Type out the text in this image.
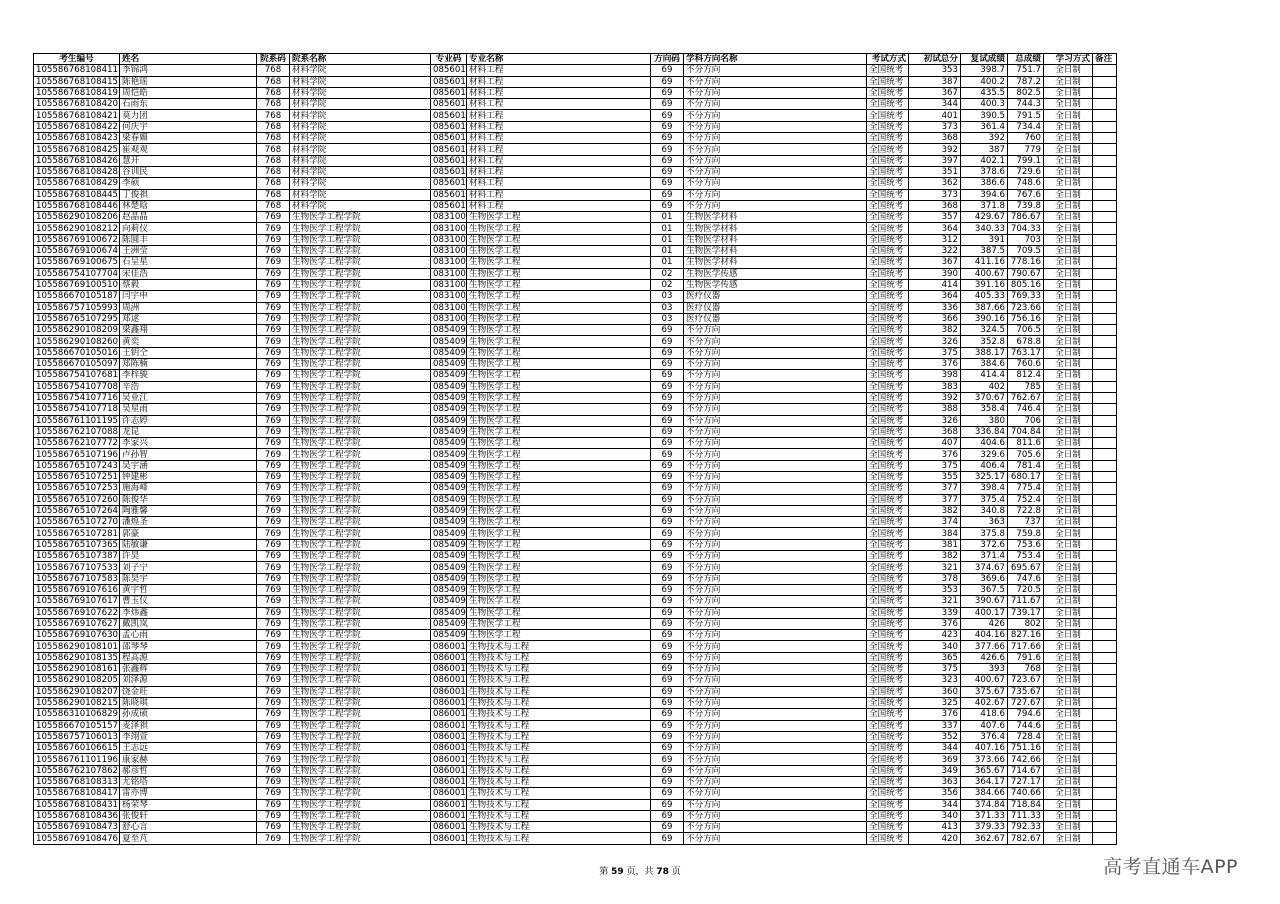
考生编号	姓名	院系码	院系名称	专业码	专业名称	方向码	学科方向名称	考试方式	初试总分	复试成绩	总成绩	学习方式	备注
105586768108411	李锦鸿	768	材料学院	085601	材料工程	69	不分方向	全国统考	353	398.7	751.7	全日制	
105586768108415	陈艳瑶	768	材料学院	085601	材料工程	69	不分方向	全国统考	387	400.2	787.2	全日制	
105586768108419	周恺皓	768	材料学院	085601	材料工程	69	不分方向	全国统考	367	435.5	802.5	全日制	
105586768108420	石雨东	768	材料学院	085601	材料工程	69	不分方向	全国统考	344	400.3	744.3	全日制	
105586768108421	莫力团	768	材料学院	085601	材料工程	69	不分方向	全国统考	401	390.5	791.5	全日制	
105586768108422	何庆宇	768	材料学院	085601	材料工程	69	不分方向	全国统考	373	361.4	734.4	全日制	
105586768108423	梁春媚	768	材料学院	085601	材料工程	69	不分方向	全国统考	368	392	760	全日制	
105586768108425	崔观观	768	材料学院	085601	材料工程	69	不分方向	全国统考	392	387	779	全日制	
105586768108426	慧开	768	材料学院	085601	材料工程	69	不分方向	全国统考	397	402.1	799.1	全日制	
105586768108428	谷训民	768	材料学院	085601	材料工程	69	不分方向	全国统考	351	378.6	729.6	全日制	
105586768108429	李硕	768	材料学院	085601	材料工程	69	不分方向	全国统考	362	386.6	748.6	全日制	
105586768108445	丁俊祺	768	材料学院	085601	材料工程	69	不分方向	全国统考	373	394.6	767.6	全日制	
105586768108446	林楚晗	768	材料学院	085601	材料工程	69	不分方向	全国统考	368	371.8	739.8	全日制	
105586290108206	赵晶晶	769	生物医学工程学院	083100	生物医学工程	01	生物医学材料	全国统考	357	429.67	786.67	全日制	
105586290108212	向莉仪	769	生物医学工程学院	083100	生物医学工程	01	生物医学材料	全国统考	364	340.33	704.33	全日制	
105586769100672	陈圆丰	769	生物医学工程学院	083100	生物医学工程	01	生物医学材料	全国统考	312	391	703	全日制	
105586769100674	王洲莹	769	生物医学工程学院	083100	生物医学工程	01	生物医学材料	全国统考	322	387.5	709.5	全日制	
105586769100675	石呈星	769	生物医学工程学院	083100	生物医学工程	01	生物医学材料	全国统考	367	411.16	778.16	全日制	
105586754107704	宋佳浩	769	生物医学工程学院	083100	生物医学工程	02	生物医学传感	全国统考	390	400.67	790.67	全日制	
105586769100510	蔡毅	769	生物医学工程学院	083100	生物医学工程	02	生物医学传感	全国统考	414	391.16	805.16	全日制	
105586670105187	闫宇申	769	生物医学工程学院	083100	生物医学工程	03	医疗仪器	全国统考	364	405.33	769.33	全日制	
105586757105993	周洲	769	生物医学工程学院	083100	生物医学工程	03	医疗仪器	全国统考	336	387.66	723.66	全日制	
105586765107295	郑逑	769	生物医学工程学院	083100	生物医学工程	03	医疗仪器	全国统考	366	390.16	756.16	全日制	
105586290108209	梁鑫翔	769	生物医学工程学院	085409	生物医学工程	69	不分方向	全国统考	382	324.5	706.5	全日制	
105586290108260	黄奕	769	生物医学工程学院	085409	生物医学工程	69	不分方向	全国统考	326	352.8	678.8	全日制	
105586670105016	王钥仝	769	生物医学工程学院	085409	生物医学工程	69	不分方向	全国统考	375	388.17	763.17	全日制	
105586670105097	郑陈楠	769	生物医学工程学院	085409	生物医学工程	69	不分方向	全国统考	376	384.6	760.6	全日制	
105586754107681	李梓骏	769	生物医学工程学院	085409	生物医学工程	69	不分方向	全国统考	398	414.4	812.4	全日制	
105586754107708	辛浩	769	生物医学工程学院	085409	生物医学工程	69	不分方向	全国统考	383	402	785	全日制	
105586754107716	吴业江	769	生物医学工程学院	085409	生物医学工程	69	不分方向	全国统考	392	370.67	762.67	全日制	
105586754107718	吴星雨	769	生物医学工程学院	085409	生物医学工程	69	不分方向	全国统考	388	358.4	746.4	全日制	
105586761101195	许志婷	769	生物医学工程学院	085409	生物医学工程	69	不分方向	全国统考	326	380	706	全日制	
105586762107088	龙昆	769	生物医学工程学院	085409	生物医学工程	69	不分方向	全国统考	368	336.84	704.84	全日制	
105586762107772	李家兴	769	生物医学工程学院	085409	生物医学工程	69	不分方向	全国统考	407	404.6	811.6	全日制	
105586765107196	卢孙智	769	生物医学工程学院	085409	生物医学工程	69	不分方向	全国统考	376	329.6	705.6	全日制	
105586765107243	吴宇涵	769	生物医学工程学院	085409	生物医学工程	69	不分方向	全国统考	375	406.4	781.4	全日制	
105586765107251	钟建彬	769	生物医学工程学院	085409	生物医学工程	69	不分方向	全国统考	355	325.17	680.17	全日制	
105586765107253	施海峰	769	生物医学工程学院	085409	生物医学工程	69	不分方向	全国统考	377	398.4	775.4	全日制	
105586765107260	陈俊华	769	生物医学工程学院	085409	生物医学工程	69	不分方向	全国统考	377	375.4	752.4	全日制	
105586765107264	陶雅馨	769	生物医学工程学院	085409	生物医学工程	69	不分方向	全国统考	382	340.8	722.8	全日制	
105586765107270	潘煌圣	769	生物医学工程学院	085409	生物医学工程	69	不分方向	全国统考	374	363	737	全日制	
105586765107281	郭豪	769	生物医学工程学院	085409	生物医学工程	69	不分方向	全国统考	384	375.8	759.8	全日制	
105586765107365	陆敏谦	769	生物医学工程学院	085409	生物医学工程	69	不分方向	全国统考	381	372.6	753.6	全日制	
105586765107387	许昊	769	生物医学工程学院	085409	生物医学工程	69	不分方向	全国统考	382	371.4	753.4	全日制	
105586767107533	刘子宁	769	生物医学工程学院	085409	生物医学工程	69	不分方向	全国统考	321	374.67	695.67	全日制	
105586767107583	陈昊宇	769	生物医学工程学院	085409	生物医学工程	69	不分方向	全国统考	378	369.6	747.6	全日制	
105586769107616	黄宇哲	769	生物医学工程学院	085409	生物医学工程	69	不分方向	全国统考	353	367.5	720.5	全日制	
105586769107617	曹玉仪	769	生物医学工程学院	085409	生物医学工程	69	不分方向	全国统考	321	390.67	711.67	全日制	
105586769107622	李炜鑫	769	生物医学工程学院	085409	生物医学工程	69	不分方向	全国统考	339	400.17	739.17	全日制	
105586769107627	戴凯岚	769	生物医学工程学院	085409	生物医学工程	69	不分方向	全国统考	376	426	802	全日制	
105586769107630	孟心雨	769	生物医学工程学院	085409	生物医学工程	69	不分方向	全国统考	423	404.16	827.16	全日制	
105586290108101	邵琴琴	769	生物医学工程学院	086001	生物技术与工程	69	不分方向	全国统考	340	377.66	717.66	全日制	
105586290108135	程高源	769	生物医学工程学院	086001	生物技术与工程	69	不分方向	全国统考	365	426.6	791.6	全日制	
105586290108161	张鑫辉	769	生物医学工程学院	086001	生物技术与工程	69	不分方向	全国统考	375	393	768	全日制	
105586290108205	刘泽源	769	生物医学工程学院	086001	生物技术与工程	69	不分方向	全国统考	323	400.67	723.67	全日制	
105586290108207	饶金旺	769	生物医学工程学院	086001	生物技术与工程	69	不分方向	全国统考	360	375.67	735.67	全日制	
105586290108215	陈晓琪	769	生物医学工程学院	086001	生物技术与工程	69	不分方向	全国统考	325	402.67	727.67	全日制	
105586310106829	孙成硕	769	生物医学工程学院	086001	生物技术与工程	69	不分方向	全国统考	376	418.6	794.6	全日制	
105586670105157	麦泽祺	769	生物医学工程学院	086001	生物技术与工程	69	不分方向	全国统考	337	407.6	744.6	全日制	
105586757106013	李翊萱	769	生物医学工程学院	086001	生物技术与工程	69	不分方向	全国统考	352	376.4	728.4	全日制	
105586760106615	王志远	769	生物医学工程学院	086001	生物技术与工程	69	不分方向	全国统考	344	407.16	751.16	全日制	
105586761101196	康家赫	769	生物医学工程学院	086001	生物技术与工程	69	不分方向	全国统考	369	373.66	742.66	全日制	
105586762107862	郝彦哲	769	生物医学工程学院	086001	生物技术与工程	69	不分方向	全国统考	349	365.67	714.67	全日制	
105586768108313	尤铭塔	769	生物医学工程学院	086001	生物技术与工程	69	不分方向	全国统考	363	364.17	727.17	全日制	
105586768108417	雷亦博	769	生物医学工程学院	086001	生物技术与工程	69	不分方向	全国统考	356	384.66	740.66	全日制	
105586768108431	杨荣琴	769	生物医学工程学院	086001	生物技术与工程	69	不分方向	全国统考	344	374.84	718.84	全日制	
105586768108436	张俊轩	769	生物医学工程学院	086001	生物技术与工程	69	不分方向	全国统考	340	371.33	711.33	全日制	
105586769108473	舒心言	769	生物医学工程学院	086001	生物技术与工程	69	不分方向	全国统考	413	379.33	792.33	全日制	
105586769108476	夏至芃	769	生物医学工程学院	086001	生物技术与工程	69	不分方向	全国统考	420	362.67	782.67	全日制	
第 59 页，共 78 页	高考直通车APP
